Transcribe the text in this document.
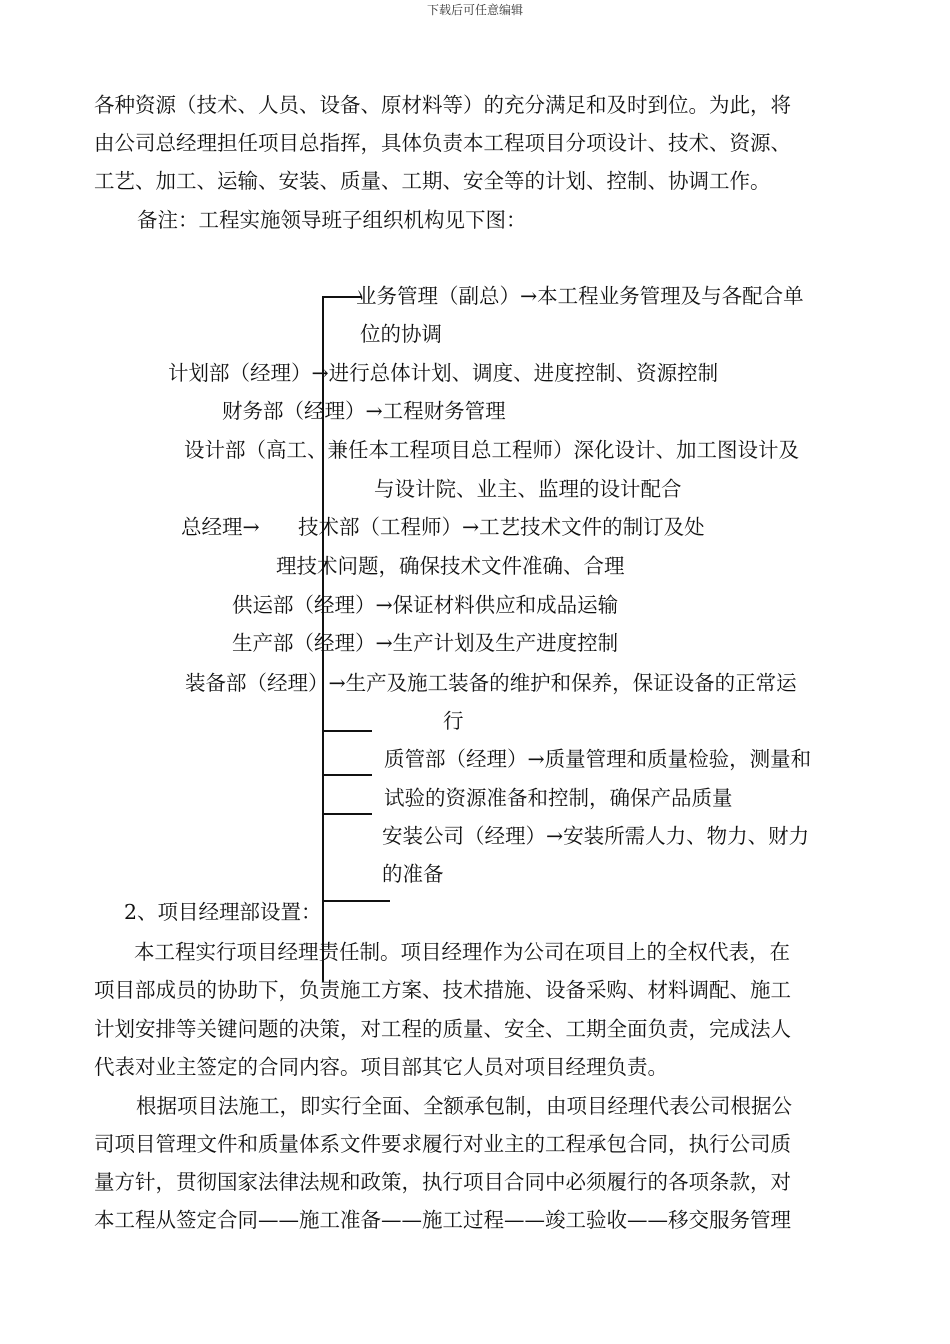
下载后可任意编辑
各种资源（技术、人员、设备、原材料等）的充分满足和及时到位。为此，将
由公司总经理担任项目总指挥，具体负责本工程项目分项设计、技术、资源、
工艺、加工、运输、安装、质量、工期、安全等的计划、控制、协调工作。
备注：工程实施领导班子组织机构见下图：
总经理→
业务管理（副总）→本工程业务管理及与各配合单
位的协调
计划部（经理）→进行总体计划、调度、进度控制、资源控制
财务部（经理）→工程财务管理
设计部（高工、兼任本工程项目总工程师）深化设计、加工图设计及
与设计院、业主、监理的设计配合
技术部（工程师）→工艺技术文件的制订及处
理技术问题，确保技术文件准确、合理
供运部（经理）→保证材料供应和成品运输
生产部（经理）→生产计划及生产进度控制
装备部（经理）→生产及施工装备的维护和保养，保证设备的正常运
行
质管部（经理）→质量管理和质量检验，测量和
试验的资源准备和控制，确保产品质量
安装公司（经理）→安装所需人力、物力、财力
的准备
2、项目经理部设置：
本工程实行项目经理责任制。项目经理作为公司在项目上的全权代表，在
项目部成员的协助下，负责施工方案、技术措施、设备采购、材料调配、施工
计划安排等关键问题的决策，对工程的质量、安全、工期全面负责，完成法人
代表对业主签定的合同内容。项目部其它人员对项目经理负责。
根据项目法施工，即实行全面、全额承包制，由项目经理代表公司根据公
司项目管理文件和质量体系文件要求履行对业主的工程承包合同，执行公司质
量方针，贯彻国家法律法规和政策，执行项目合同中必须履行的各项条款，对
本工程从签定合同——施工准备——施工过程——竣工验收——移交服务管理
